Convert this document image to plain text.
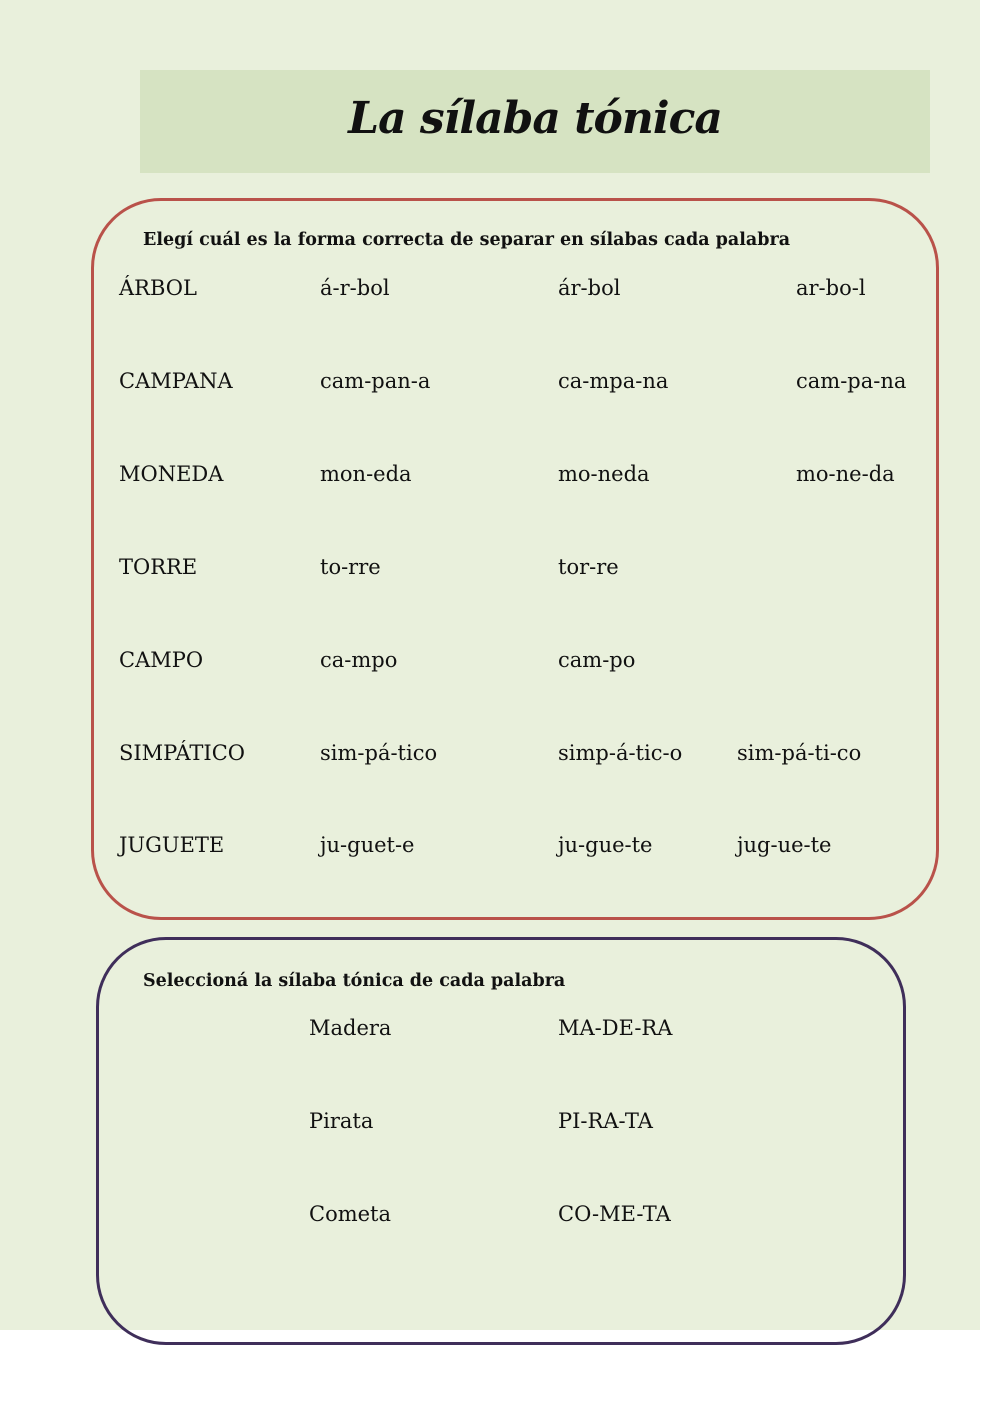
La sílaba tónica
Elegí cuál es la forma correcta de separar en sílabas cada palabra
ÁRBOL	á-r-bol	ár-bol	ar-bo-l
CAMPANA	cam-pan-a	ca-mpa-na	cam-pa-na
MONEDA	mon-eda	mo-neda	mo-ne-da
TORRE	to-rre	tor-re
CAMPO	ca-mpo	cam-po
SIMPÁTICO	sim-pá-tico	simp-á-tic-o	sim-pá-ti-co
JUGUETE	ju-guet-e	ju-gue-te	jug-ue-te
Seleccioná la sílaba tónica de cada palabra
Madera	MA-DE-RA
Pirata	PI-RA-TA
Cometa	CO-ME-TA
